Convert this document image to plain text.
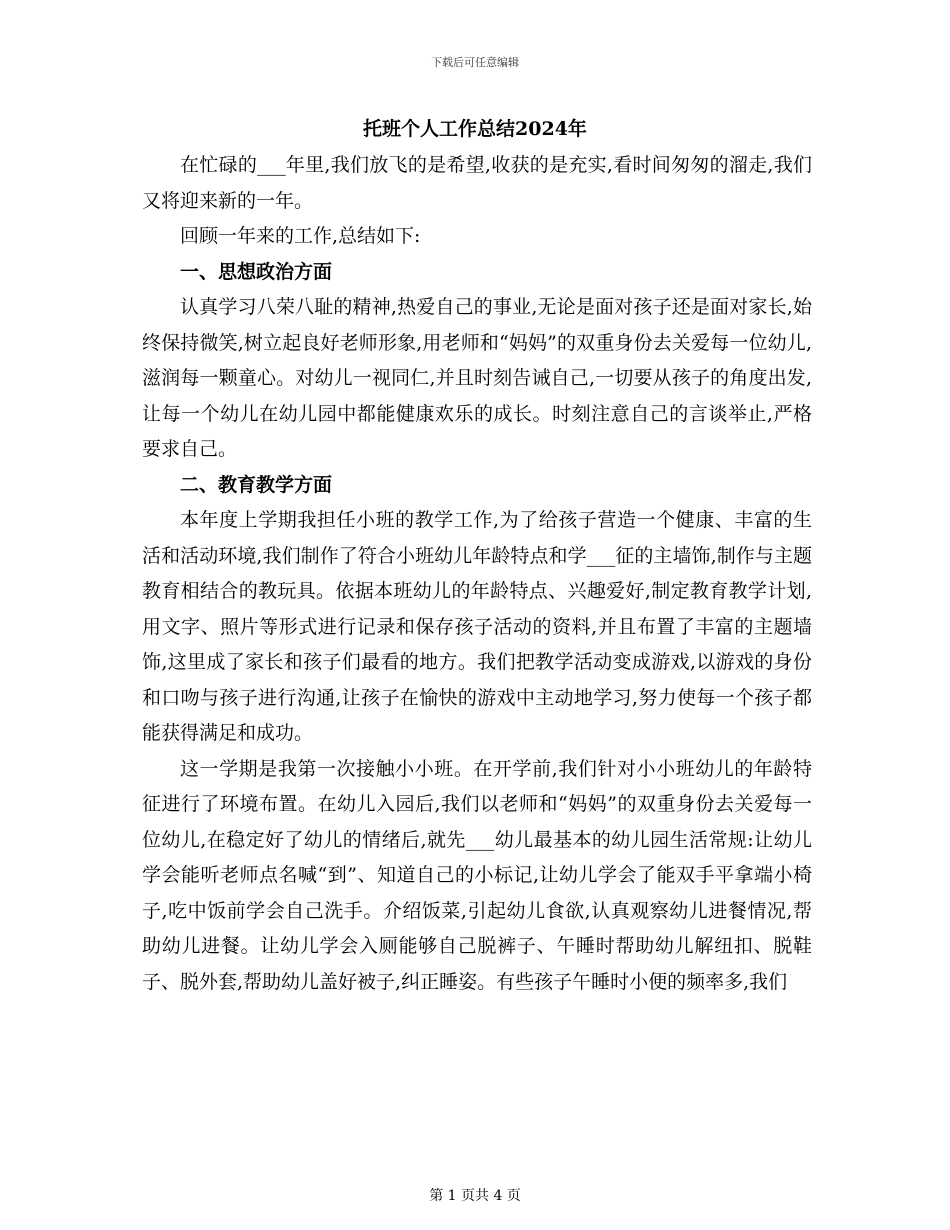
下载后可任意编辑
托班个人工作总结2024年

在忙碌的___年里,我们放飞的是希望,收获的是充实,看时间匆匆的溜走,我们又将迎来新的一年。

回顾一年来的工作,总结如下:

一、思想政治方面

认真学习八荣八耻的精神,热爱自己的事业,无论是面对孩子还是面对家长,始终保持微笑,树立起良好老师形象,用老师和“妈妈”的双重身份去关爱每一位幼儿,滋润每一颗童心。对幼儿一视同仁,并且时刻告诫自己,一切要从孩子的角度出发,让每一个幼儿在幼儿园中都能健康欢乐的成长。时刻注意自己的言谈举止,严格要求自己。

二、教育教学方面

本年度上学期我担任小班的教学工作,为了给孩子营造一个健康、丰富的生活和活动环境,我们制作了符合小班幼儿年龄特点和学___征的主墙饰,制作与主题教育相结合的教玩具。依据本班幼儿的年龄特点、兴趣爱好,制定教育教学计划,用文字、照片等形式进行记录和保存孩子活动的资料,并且布置了丰富的主题墙饰,这里成了家长和孩子们最看的地方。我们把教学活动变成游戏,以游戏的身份和口吻与孩子进行沟通,让孩子在愉快的游戏中主动地学习,努力使每一个孩子都能获得满足和成功。

这一学期是我第一次接触小小班。在开学前,我们针对小小班幼儿的年龄特征进行了环境布置。在幼儿入园后,我们以老师和“妈妈”的双重身份去关爱每一位幼儿,在稳定好了幼儿的情绪后,就先___幼儿最基本的幼儿园生活常规:让幼儿学会能听老师点名喊“到”、知道自己的小标记,让幼儿学会了能双手平拿端小椅子,吃中饭前学会自己洗手。介绍饭菜,引起幼儿食欲,认真观察幼儿进餐情况,帮助幼儿进餐。让幼儿学会入厕能够自己脱裤子、午睡时帮助幼儿解纽扣、脱鞋子、脱外套,帮助幼儿盖好被子,纠正睡姿。有些孩子午睡时小便的频率多,我们

第 1 页共 4 页
